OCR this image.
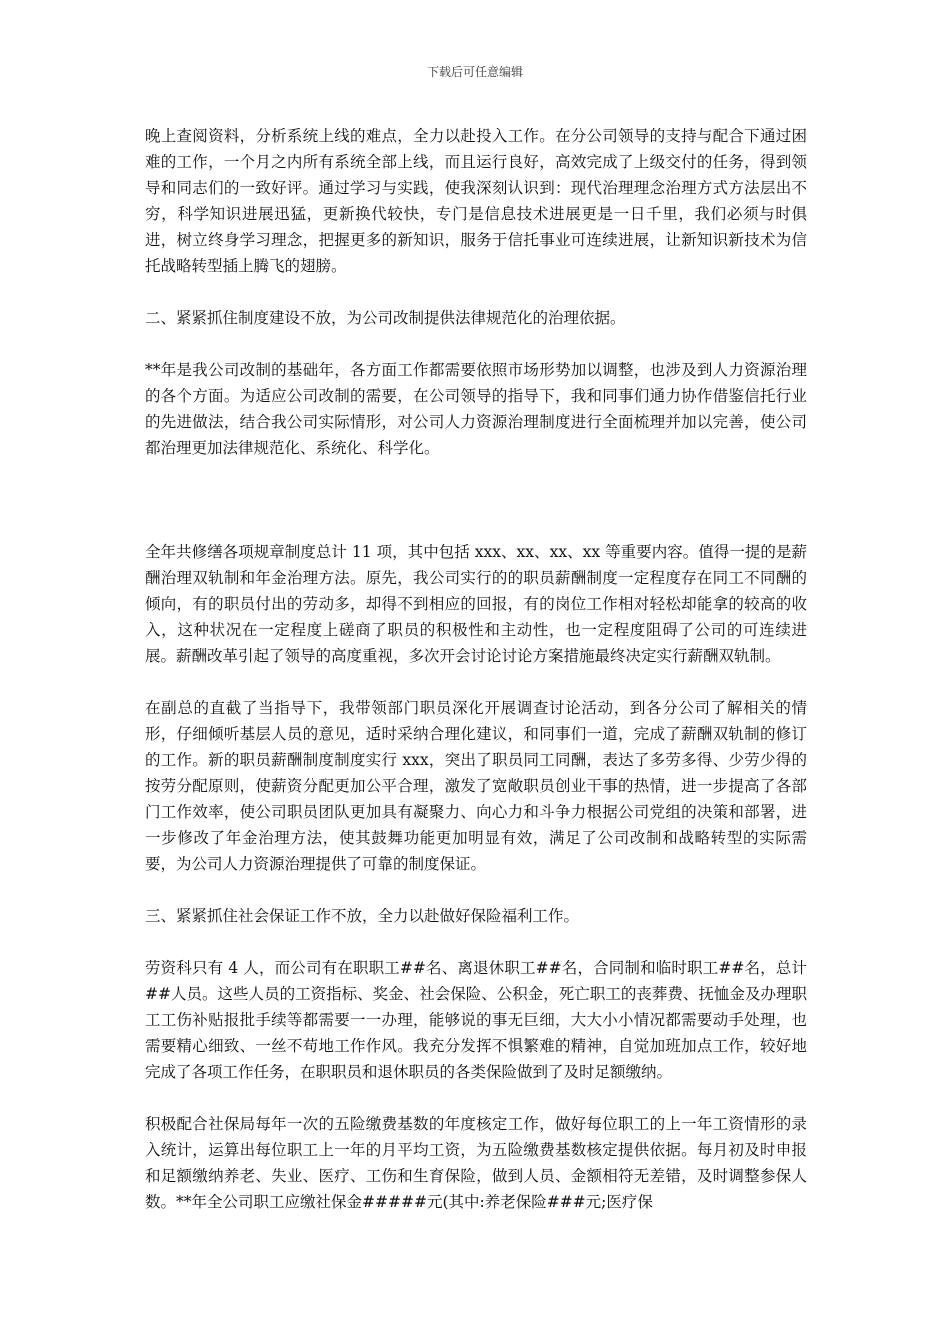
下载后可任意编辑

晚上查阅资料，分析系统上线的难点，全力以赴投入工作。在分公司领导的支持与配合下通过困难的工作，一个月之内所有系统全部上线，而且运行良好，高效完成了上级交付的任务，得到领导和同志们的一致好评。通过学习与实践，使我深刻认识到：现代治理理念治理方式方法层出不穷，科学知识进展迅猛，更新换代较快，专门是信息技术进展更是一日千里，我们必须与时俱进，树立终身学习理念，把握更多的新知识，服务于信托事业可连续进展，让新知识新技术为信托战略转型插上腾飞的翅膀。

二、紧紧抓住制度建设不放，为公司改制提供法律规范化的治理依据。

**年是我公司改制的基础年，各方面工作都需要依照市场形势加以调整，也涉及到人力资源治理的各个方面。为适应公司改制的需要，在公司领导的指导下，我和同事们通力协作借鉴信托行业的先进做法，结合我公司实际情形，对公司人力资源治理制度进行全面梳理并加以完善，使公司都治理更加法律规范化、系统化、科学化。

全年共修缮各项规章制度总计 11 项，其中包括 xxx、xx、xx、xx 等重要内容。值得一提的是薪酬治理双轨制和年金治理方法。原先，我公司实行的的职员薪酬制度一定程度存在同工不同酬的倾向，有的职员付出的劳动多，却得不到相应的回报，有的岗位工作相对轻松却能拿的较高的收入，这种状况在一定程度上磋商了职员的积极性和主动性，也一定程度阻碍了公司的可连续进展。薪酬改革引起了领导的高度重视，多次开会讨论讨论方案措施最终决定实行薪酬双轨制。

在副总的直截了当指导下，我带领部门职员深化开展调查讨论活动，到各分公司了解相关的情形，仔细倾听基层人员的意见，适时采纳合理化建议，和同事们一道，完成了薪酬双轨制的修订的工作。新的职员薪酬制度制度实行 xxx，突出了职员同工同酬，表达了多劳多得、少劳少得的按劳分配原则，使薪资分配更加公平合理，激发了宽敞职员创业干事的热情，进一步提高了各部门工作效率，使公司职员团队更加具有凝聚力、向心力和斗争力根据公司党组的决策和部署，进一步修改了年金治理方法，使其鼓舞功能更加明显有效，满足了公司改制和战略转型的实际需要，为公司人力资源治理提供了可靠的制度保证。

三、紧紧抓住社会保证工作不放，全力以赴做好保险福利工作。

劳资科只有 4 人，而公司有在职职工##名、离退休职工##名，合同制和临时职工##名，总计##人员。这些人员的工资指标、奖金、社会保险、公积金，死亡职工的丧葬费、抚恤金及办理职工工伤补贴报批手续等都需要一一办理，能够说的事无巨细，大大小小情况都需要动手处理，也需要精心细致、一丝不苟地工作作风。我充分发挥不惧繁难的精神，自觉加班加点工作，较好地完成了各项工作任务，在职职员和退休职员的各类保险做到了及时足额缴纳。

积极配合社保局每年一次的五险缴费基数的年度核定工作，做好每位职工的上一年工资情形的录入统计，运算出每位职工上一年的月平均工资，为五险缴费基数核定提供依据。每月初及时申报和足额缴纳养老、失业、医疗、工伤和生育保险，做到人员、金额相符无差错，及时调整参保人数。**年全公司职工应缴社保金#####元(其中:养老保险###元;医疗保
